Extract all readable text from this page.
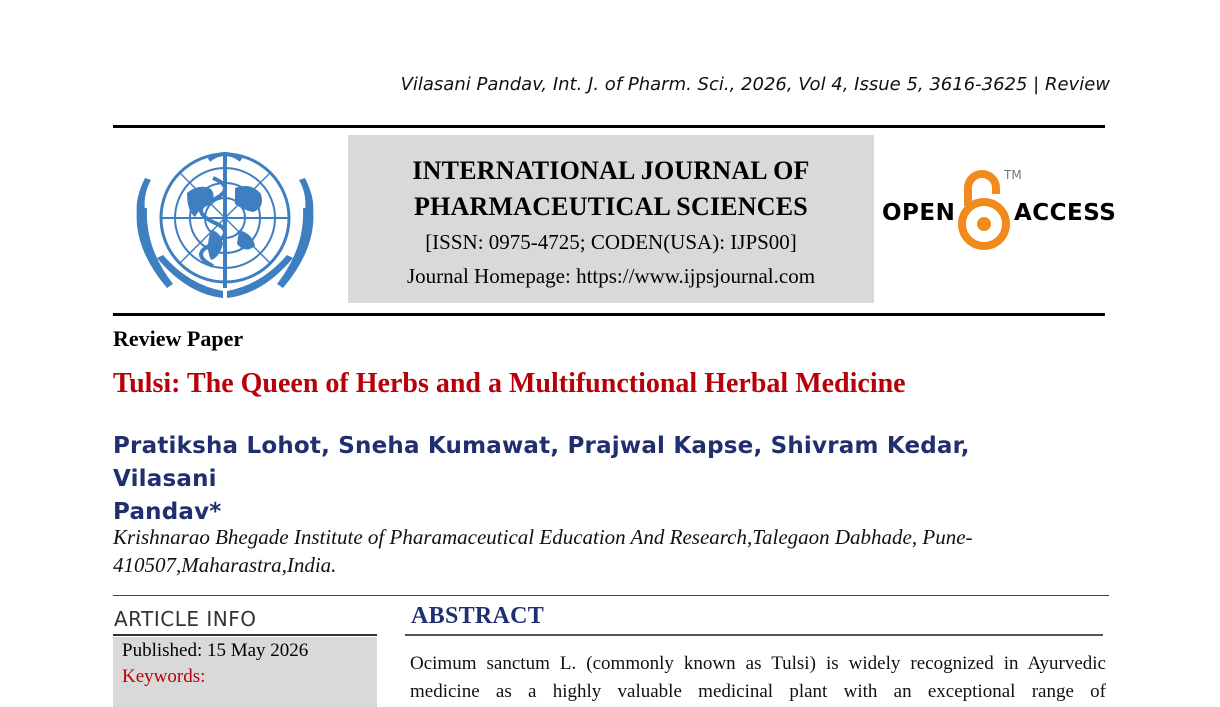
Vilasani Pandav, Int. J. of Pharm. Sci., 2026, Vol 4, Issue 5, 3616-3625 | Review
INTERNATIONAL JOURNAL OF
PHARMACEUTICAL SCIENCES
[ISSN: 0975-4725; CODEN(USA): IJPS00]
Journal Homepage: https://www.ijpsjournal.com
OPEN
TM
ACCESS
Review Paper
Tulsi: The Queen of Herbs and a Multifunctional Herbal Medicine
Pratiksha Lohot, Sneha Kumawat, Prajwal Kapse, Shivram Kedar, Vilasani
Pandav*
Krishnarao Bhegade Institute of Pharamaceutical Education And Research,Talegaon Dabhade, Pune-
410507,Maharastra,India.
ARTICLE INFO
Published: 15 May 2026
Keywords:
ABSTRACT
Ocimum sanctum L. (commonly known as Tulsi) is widely recognized in Ayurvedic
medicine as a highly valuable medicinal plant with an exceptional range of
